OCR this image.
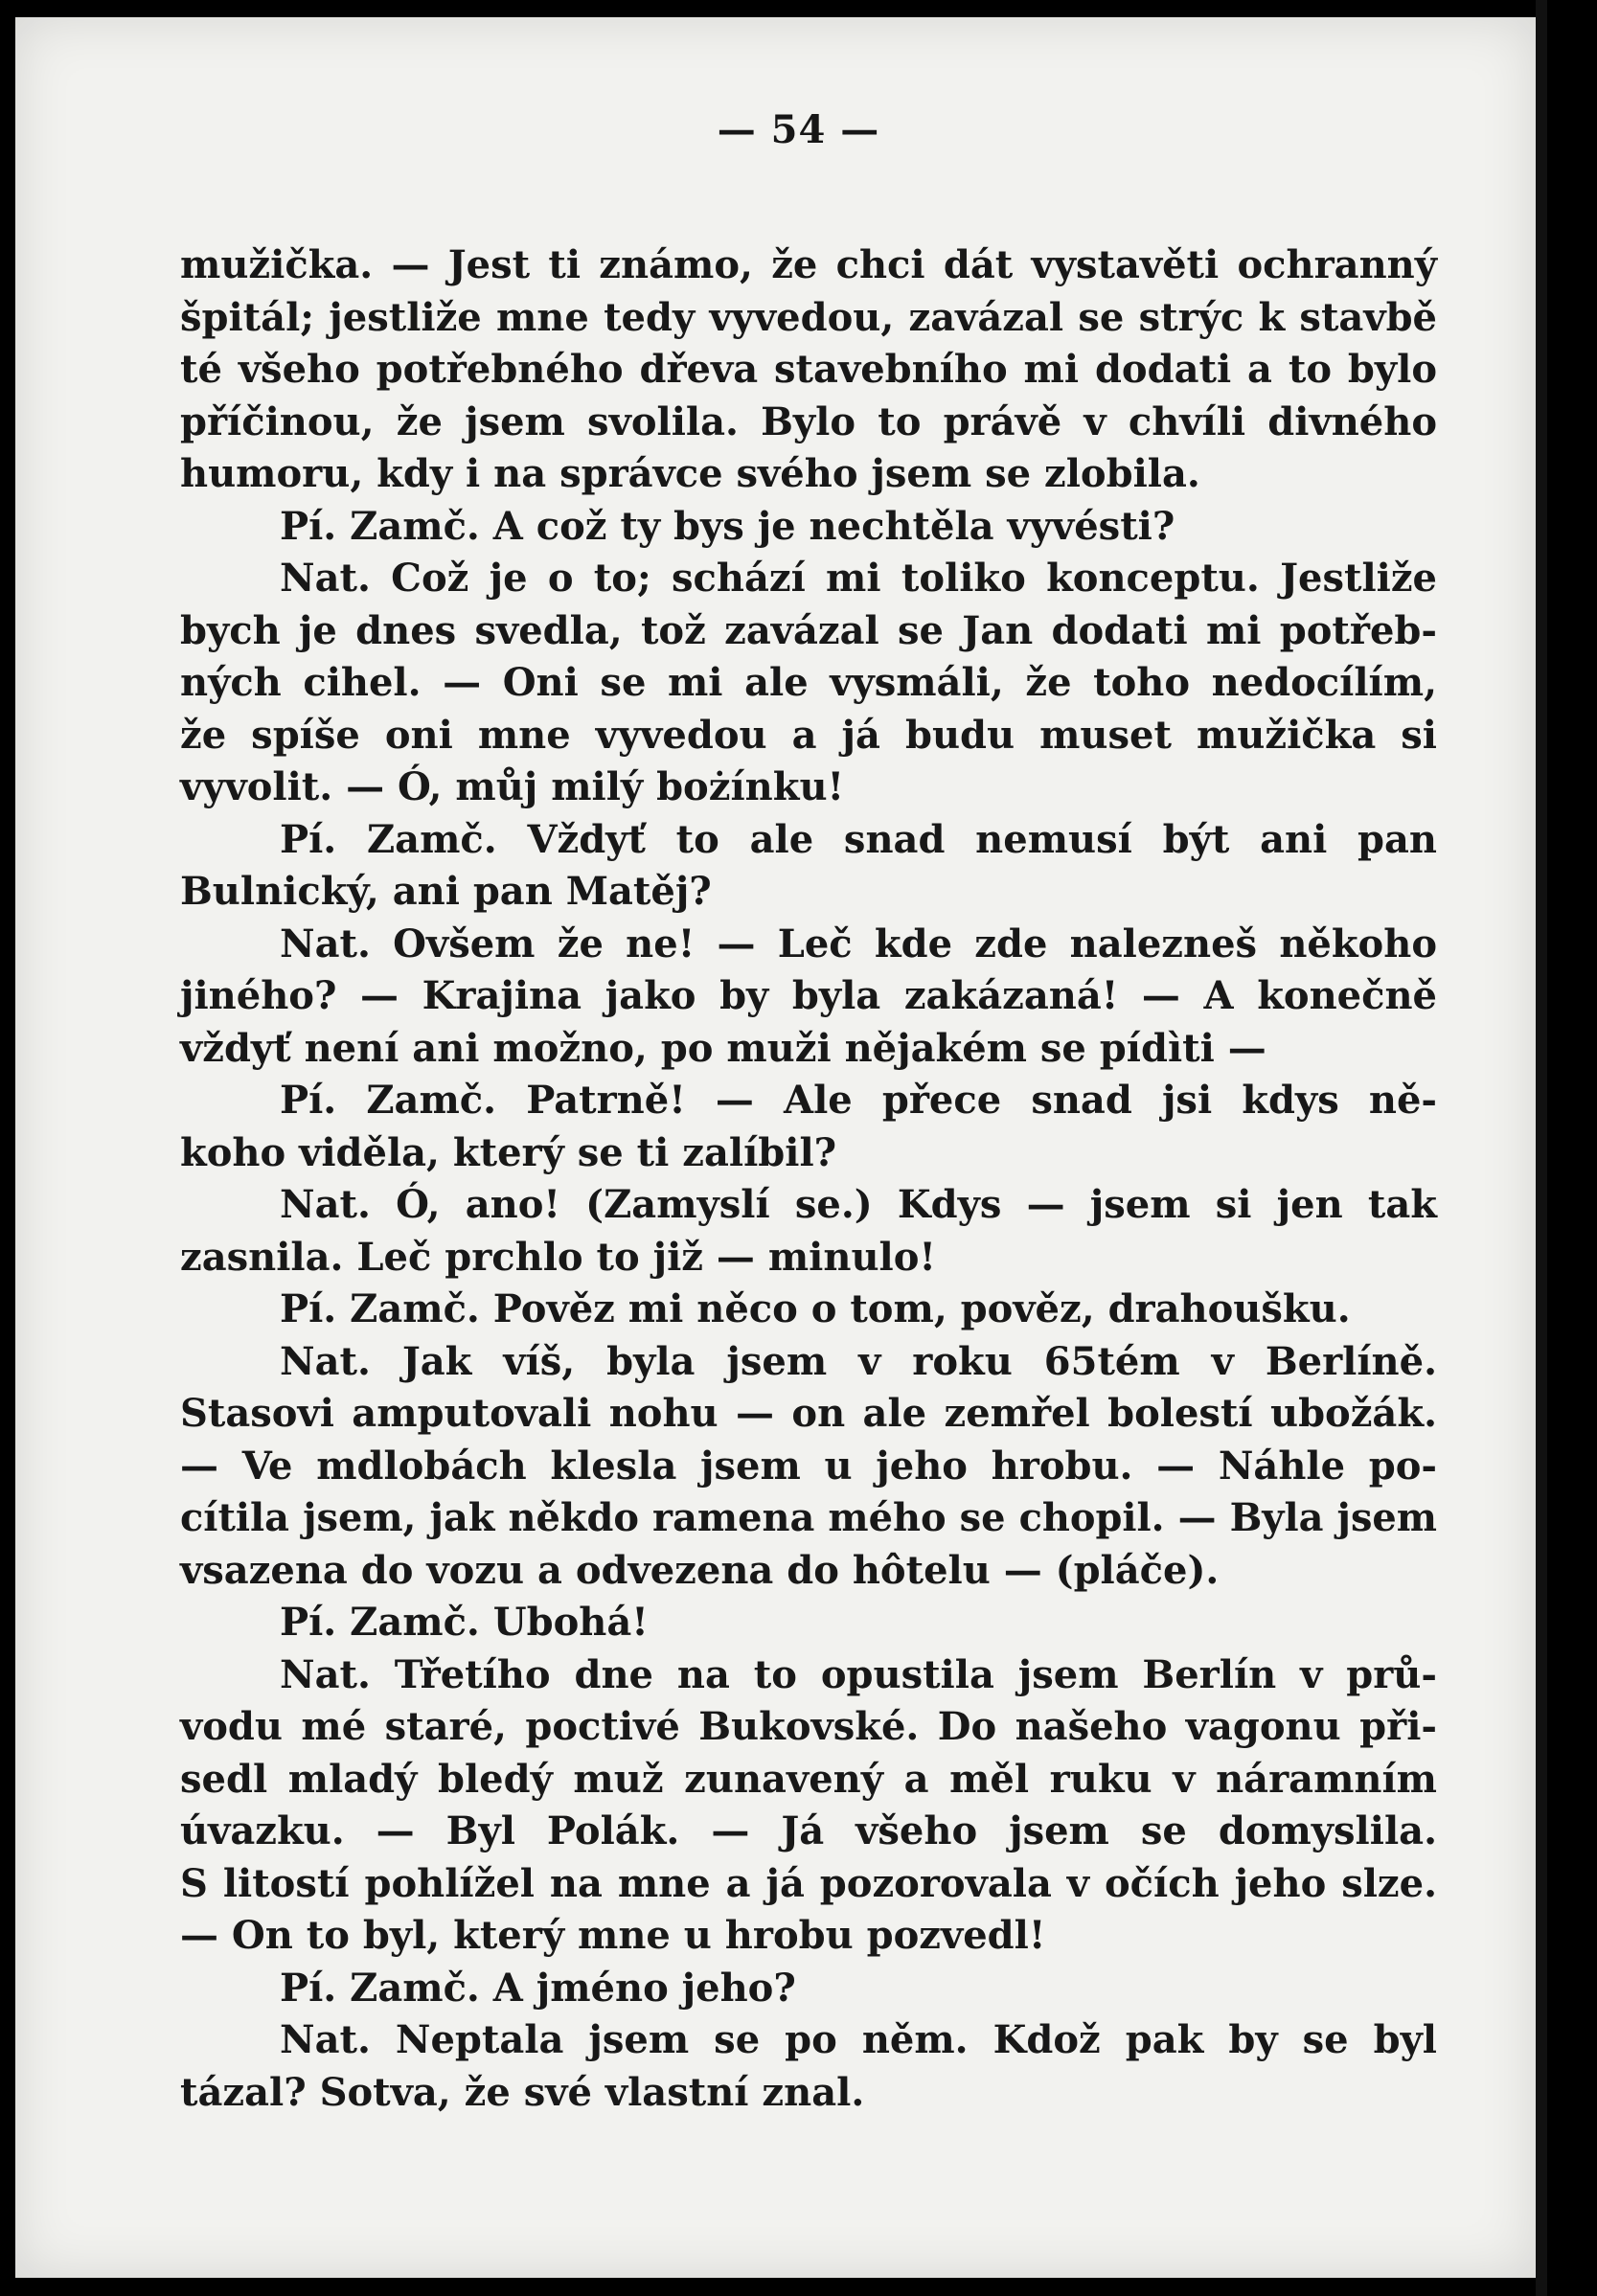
— 54 —
mužička. — Jest ti známo, že chci dát vystavěti ochranný
špitál; jestliže mne tedy vyvedou, zavázal se strýc k stavbě
té všeho potřebného dřeva stavebního mi dodati a to bylo
příčinou, že jsem svolila. Bylo to právě v chvíli divného
humoru, kdy i na správce svého jsem se zlobila.
Pí. Zamč. A což ty bys je nechtěla vyvésti?
Nat. Což je o to; schází mi toliko konceptu. Jestliže
bych je dnes svedla, tož zavázal se Jan dodati mi potřeb-
ných cihel. — Oni se mi ale vysmáli, že toho nedocílím,
že spíše oni mne vyvedou a já budu muset mužička si
vyvolit. — Ó, můj milý bożínku!
Pí. Zamč. Vždyť to ale snad nemusí být ani pan
Bulnický, ani pan Matěj?
Nat. Ovšem že ne! — Leč kde zde nalezneš někoho
jiného? — Krajina jako by byla zakázaná! — A konečně
vždyť není ani možno, po muži nějakém se pídìti —
Pí. Zamč. Patrně! — Ale přece snad jsi kdys ně-
koho viděla, který se ti zalíbil?
Nat. Ó, ano! (Zamyslí se.) Kdys — jsem si jen tak
zasnila. Leč prchlo to již — minulo!
Pí. Zamč. Pověz mi něco o tom, pověz, drahoušku.
Nat. Jak víš, byla jsem v roku 65tém v Berlíně.
Stasovi amputovali nohu — on ale zemřel bolestí ubožák.
— Ve mdlobách klesla jsem u jeho hrobu. — Náhle po-
cítila jsem, jak někdo ramena mého se chopil. — Byla jsem
vsazena do vozu a odvezena do hôtelu — (pláče).
Pí. Zamč. Ubohá!
Nat. Třetího dne na to opustila jsem Berlín v prů-
vodu mé staré, poctivé Bukovské. Do našeho vagonu při-
sedl mladý bledý muž zunavený a měl ruku v náramním
úvazku. — Byl Polák. — Já všeho jsem se domyslila.
S litostí pohlížel na mne a já pozorovala v očích jeho slze.
— On to byl, který mne u hrobu pozvedl!
Pí. Zamč. A jméno jeho?
Nat. Neptala jsem se po něm. Kdož pak by se byl
tázal? Sotva, že své vlastní znal.
